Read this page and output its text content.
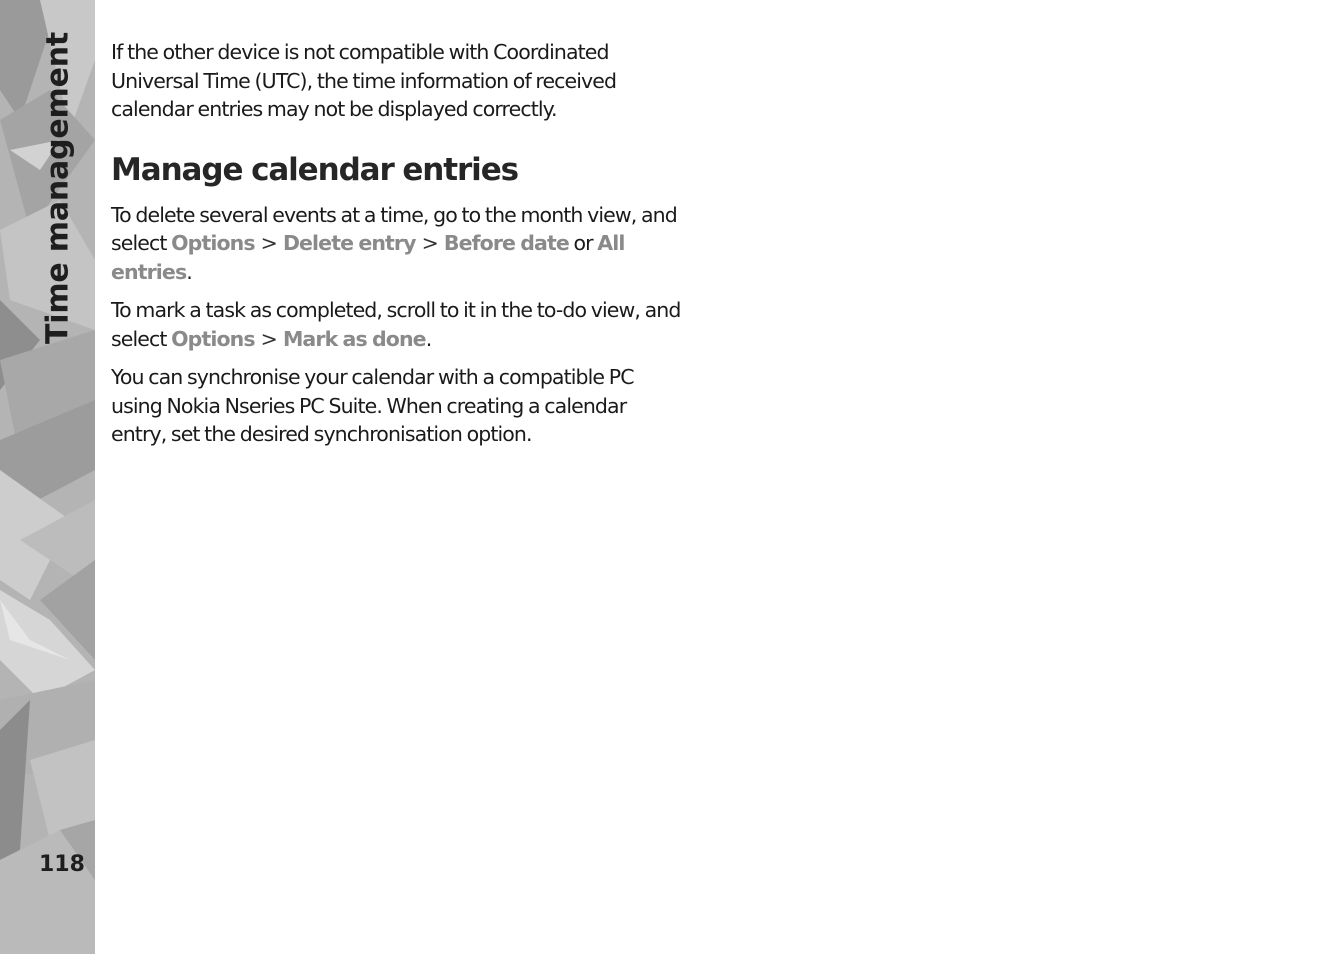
Time management
118

If the other device is not compatible with Coordinated Universal Time (UTC), the time information of received calendar entries may not be displayed correctly.

Manage calendar entries

To delete several events at a time, go to the month view, and select Options > Delete entry > Before date or All entries.

To mark a task as completed, scroll to it in the to-do view, and select Options > Mark as done.

You can synchronise your calendar with a compatible PC using Nokia Nseries PC Suite. When creating a calendar entry, set the desired synchronisation option.
